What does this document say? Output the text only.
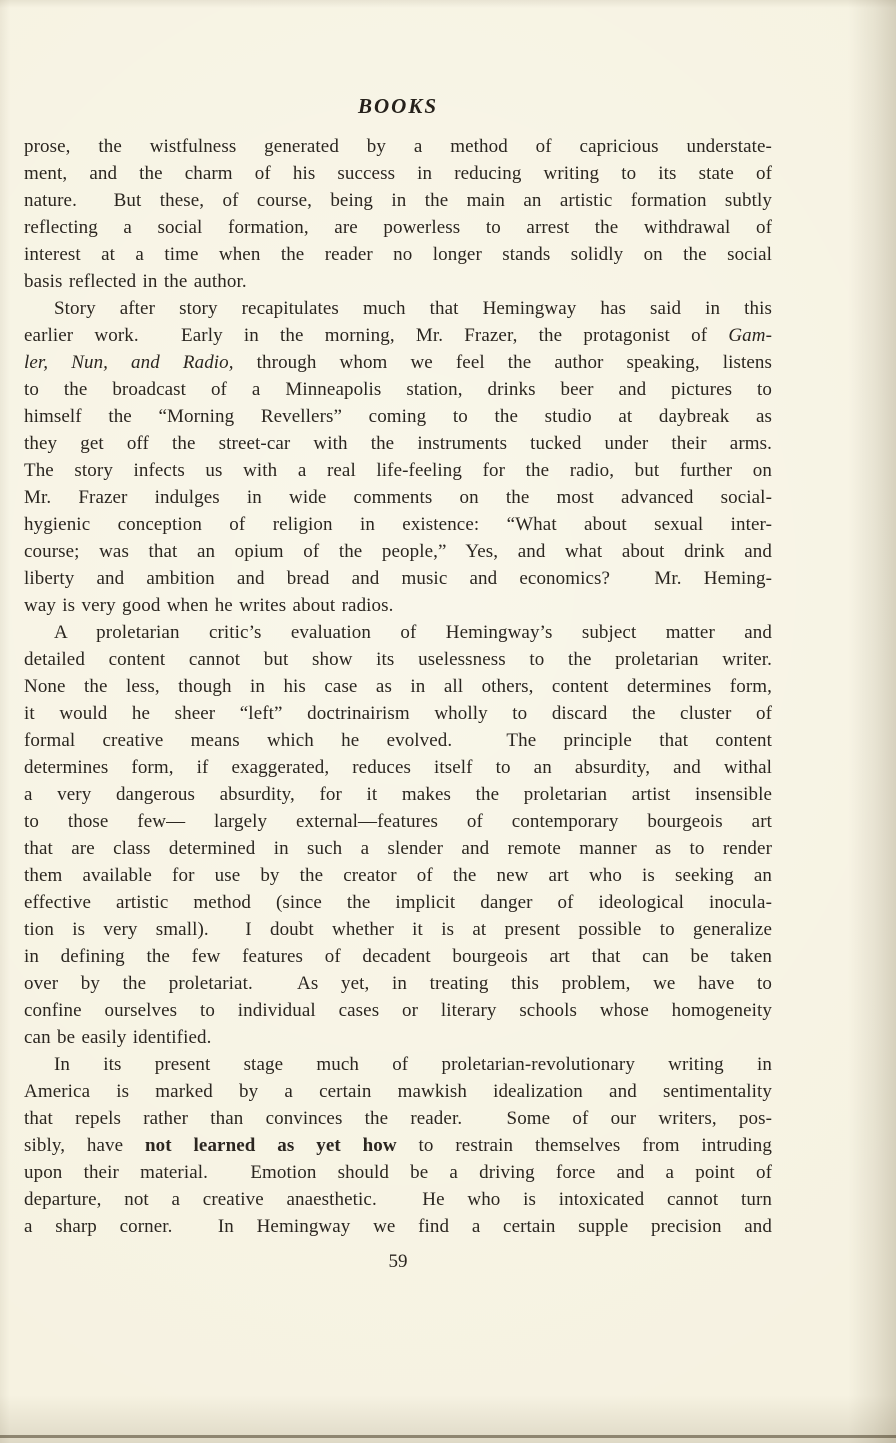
BOOKS
prose, the wistfulness generated by a method of capricious understate-
ment, and the charm of his success in reducing writing to its state of
nature.  But these, of course, being in the main an artistic formation subtly
reflecting a social formation, are powerless to arrest the withdrawal of
interest at a time when the reader no longer stands solidly on the social
basis reflected in the author.
Story after story recapitulates much that Hemingway has said in this
earlier work.  Early in the morning, Mr. Frazer, the protagonist of Gam-
ler, Nun, and Radio, through whom we feel the author speaking, listens
to the broadcast of a Minneapolis station, drinks beer and pictures to
himself the “Morning Revellers” coming to the studio at daybreak as
they get off the street-car with the instruments tucked under their arms.
The story infects us with a real life-feeling for the radio, but further on
Mr. Frazer indulges in wide comments on the most advanced social-
hygienic conception of religion in existence: “What about sexual inter-
course; was that an opium of the people,” Yes, and what about drink and
liberty and ambition and bread and music and economics?  Mr. Heming-
way is very good when he writes about radios.
A proletarian critic’s evaluation of Hemingway’s subject matter and
detailed content cannot but show its uselessness to the proletarian writer.
None the less, though in his case as in all others, content determines form,
it would he sheer “left” doctrinairism wholly to discard the cluster of
formal creative means which he evolved.  The principle that content
determines form, if exaggerated, reduces itself to an absurdity, and withal
a very dangerous absurdity, for it makes the proletarian artist insensible
to those few— largely external—features of contemporary bourgeois art
that are class determined in such a slender and remote manner as to render
them available for use by the creator of the new art who is seeking an
effective artistic method (since the implicit danger of ideological inocula-
tion is very small).  I doubt whether it is at present possible to generalize
in defining the few features of decadent bourgeois art that can be taken
over by the proletariat.  As yet, in treating this problem, we have to
confine ourselves to individual cases or literary schools whose homogeneity
can be easily identified.
In its present stage much of proletarian-revolutionary writing in
America is marked by a certain mawkish idealization and sentimentality
that repels rather than convinces the reader.  Some of our writers, pos-
sibly, have not learned as yet how to restrain themselves from intruding
upon their material.  Emotion should be a driving force and a point of
departure, not a creative anaesthetic.  He who is intoxicated cannot turn
a sharp corner.  In Hemingway we find a certain supple precision and
59
